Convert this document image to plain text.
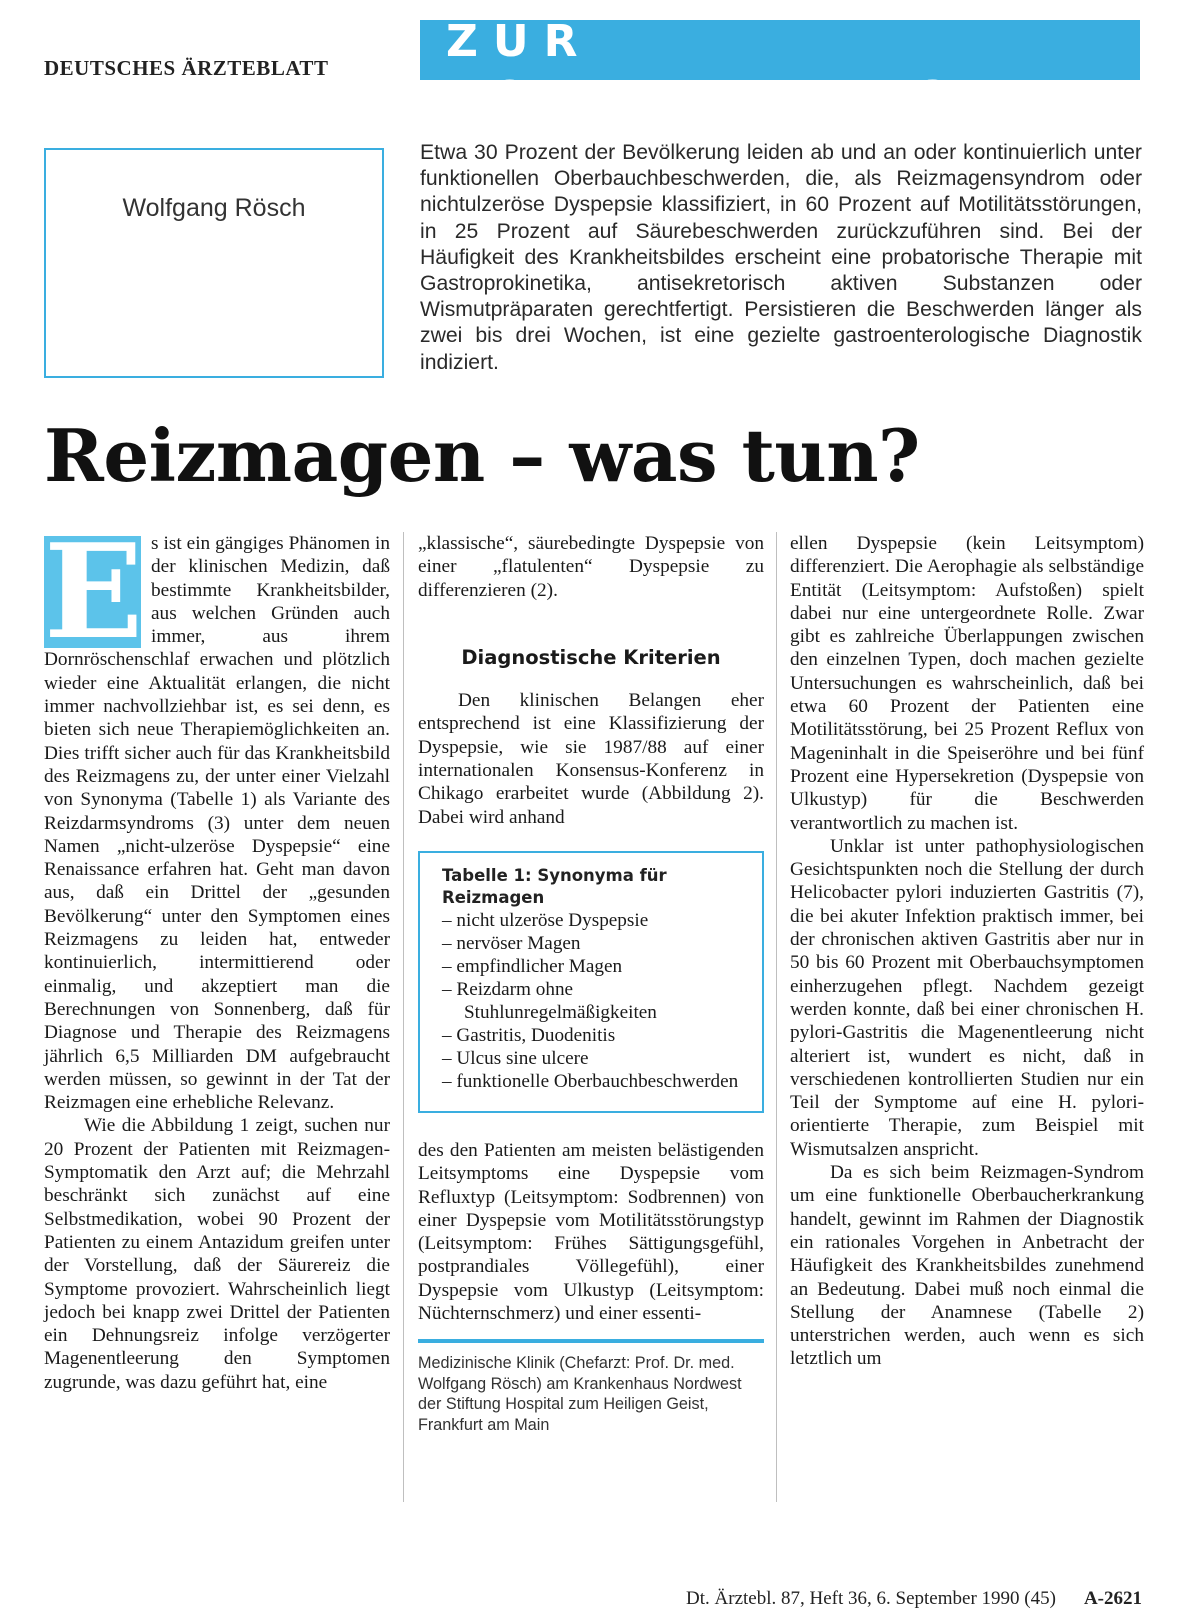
DEUTSCHES ÄRZTEBLATT
ZUR FORTBILDUNG
Wolfgang Rösch
Etwa 30 Prozent der Bevölkerung leiden ab und an oder kontinuierlich unter funktionellen Oberbauchbeschwerden, die, als Reizmagensyndrom oder nichtulzeröse Dyspepsie klassifiziert, in 60 Prozent auf Motilitätsstörungen, in 25 Prozent auf Säurebeschwerden zurückzuführen sind. Bei der Häufigkeit des Krankheitsbildes erscheint eine probatorische Therapie mit Gastroprokinetika, antisekretorisch aktiven Substanzen oder Wismutpräparaten gerechtfertigt. Persistieren die Beschwerden länger als zwei bis drei Wochen, ist eine gezielte gastroenterologische Diagnostik indiziert.
Reizmagen – was tun?
E s ist ein gängiges Phänomen in der klinischen Medizin, daß bestimmte Krankheitsbilder, aus welchen Gründen auch immer, aus ihrem Dornröschenschlaf erwachen und plötzlich wieder eine Aktualität erlangen, die nicht immer nachvollziehbar ist, es sei denn, es bieten sich neue Therapiemöglichkeiten an. Dies trifft sicher auch für das Krankheitsbild des Reizmagens zu, der unter einer Vielzahl von Synonyma (Tabelle 1) als Variante des Reizdarmsyndroms (3) unter dem neuen Namen „nicht-ulzeröse Dyspepsie“ eine Renaissance erfahren hat. Geht man davon aus, daß ein Drittel der „gesunden Bevölkerung“ unter den Symptomen eines Reizmagens zu leiden hat, entweder kontinuierlich, intermittierend oder einmalig, und akzeptiert man die Berechnungen von Sonnenberg, daß für Diagnose und Therapie des Reizmagens jährlich 6,5 Milliarden DM aufgebraucht werden müssen, so gewinnt in der Tat der Reizmagen eine erhebliche Relevanz.

Wie die Abbildung 1 zeigt, suchen nur 20 Prozent der Patienten mit Reizmagen-Symptomatik den Arzt auf; die Mehrzahl beschränkt sich zunächst auf eine Selbstmedikation, wobei 90 Prozent der Patienten zu einem Antazidum greifen unter der Vorstellung, daß der Säurereiz die Symptome provoziert. Wahrscheinlich liegt jedoch bei knapp zwei Drittel der Patienten ein Dehnungsreiz infolge verzögerter Magenentleerung den Symptomen zugrunde, was dazu geführt hat, eine

„klassische“, säurebedingte Dyspepsie von einer „flatulenten“ Dyspepsie zu differenzieren (2).

Diagnostische Kriterien

Den klinischen Belangen eher entsprechend ist eine Klassifizierung der Dyspepsie, wie sie 1987/88 auf einer internationalen Konsensus-Konferenz in Chikago erarbeitet wurde (Abbildung 2). Dabei wird anhand

Tabelle 1: Synonyma für Reizmagen

– nicht ulzeröse Dyspepsie
– nervöser Magen
– empfindlicher Magen
– Reizdarm ohne Stuhlunregelmäßigkeiten
– Gastritis, Duodenitis
– Ulcus sine ulcere
– funktionelle Oberbauchbeschwerden

des den Patienten am meisten belästigenden Leitsymptoms eine Dyspepsie vom Refluxtyp (Leitsymptom: Sodbrennen) von einer Dyspepsie vom Motilitätsstörungstyp (Leitsymptom: Frühes Sättigungsgefühl, postprandiales Völlegefühl), einer Dyspepsie vom Ulkustyp (Leitsymptom: Nüchternschmerz) und einer essenti-

Medizinische Klinik (Chefarzt: Prof. Dr. med. Wolfgang Rösch) am Krankenhaus Nordwest der Stiftung Hospital zum Heiligen Geist, Frankfurt am Main

ellen Dyspepsie (kein Leitsymptom) differenziert. Die Aerophagie als selbständige Entität (Leitsymptom: Aufstoßen) spielt dabei nur eine untergeordnete Rolle. Zwar gibt es zahlreiche Überlappungen zwischen den einzelnen Typen, doch machen gezielte Untersuchungen es wahrscheinlich, daß bei etwa 60 Prozent der Patienten eine Motilitätsstörung, bei 25 Prozent Reflux von Mageninhalt in die Speiseröhre und bei fünf Prozent eine Hypersekretion (Dyspepsie von Ulkustyp) für die Beschwerden verantwortlich zu machen ist.

Unklar ist unter pathophysiologischen Gesichtspunkten noch die Stellung der durch Helicobacter pylori induzierten Gastritis (7), die bei akuter Infektion praktisch immer, bei der chronischen aktiven Gastritis aber nur in 50 bis 60 Prozent mit Oberbauchsymptomen einherzugehen pflegt. Nachdem gezeigt werden konnte, daß bei einer chronischen H. pylori-Gastritis die Magenentleerung nicht alteriert ist, wundert es nicht, daß in verschiedenen kontrollierten Studien nur ein Teil der Symptome auf eine H. pylori-orientierte Therapie, zum Beispiel mit Wismutsalzen anspricht.

Da es sich beim Reizmagen-Syndrom um eine funktionelle Oberbaucherkrankung handelt, gewinnt im Rahmen der Diagnostik ein rationales Vorgehen in Anbetracht der Häufigkeit des Krankheitsbildes zunehmend an Bedeutung. Dabei muß noch einmal die Stellung der Anamnese (Tabelle 2) unterstrichen werden, auch wenn es sich letztlich um

Dt. Ärztebl. 87, Heft 36, 6. September 1990 (45) A-2621
